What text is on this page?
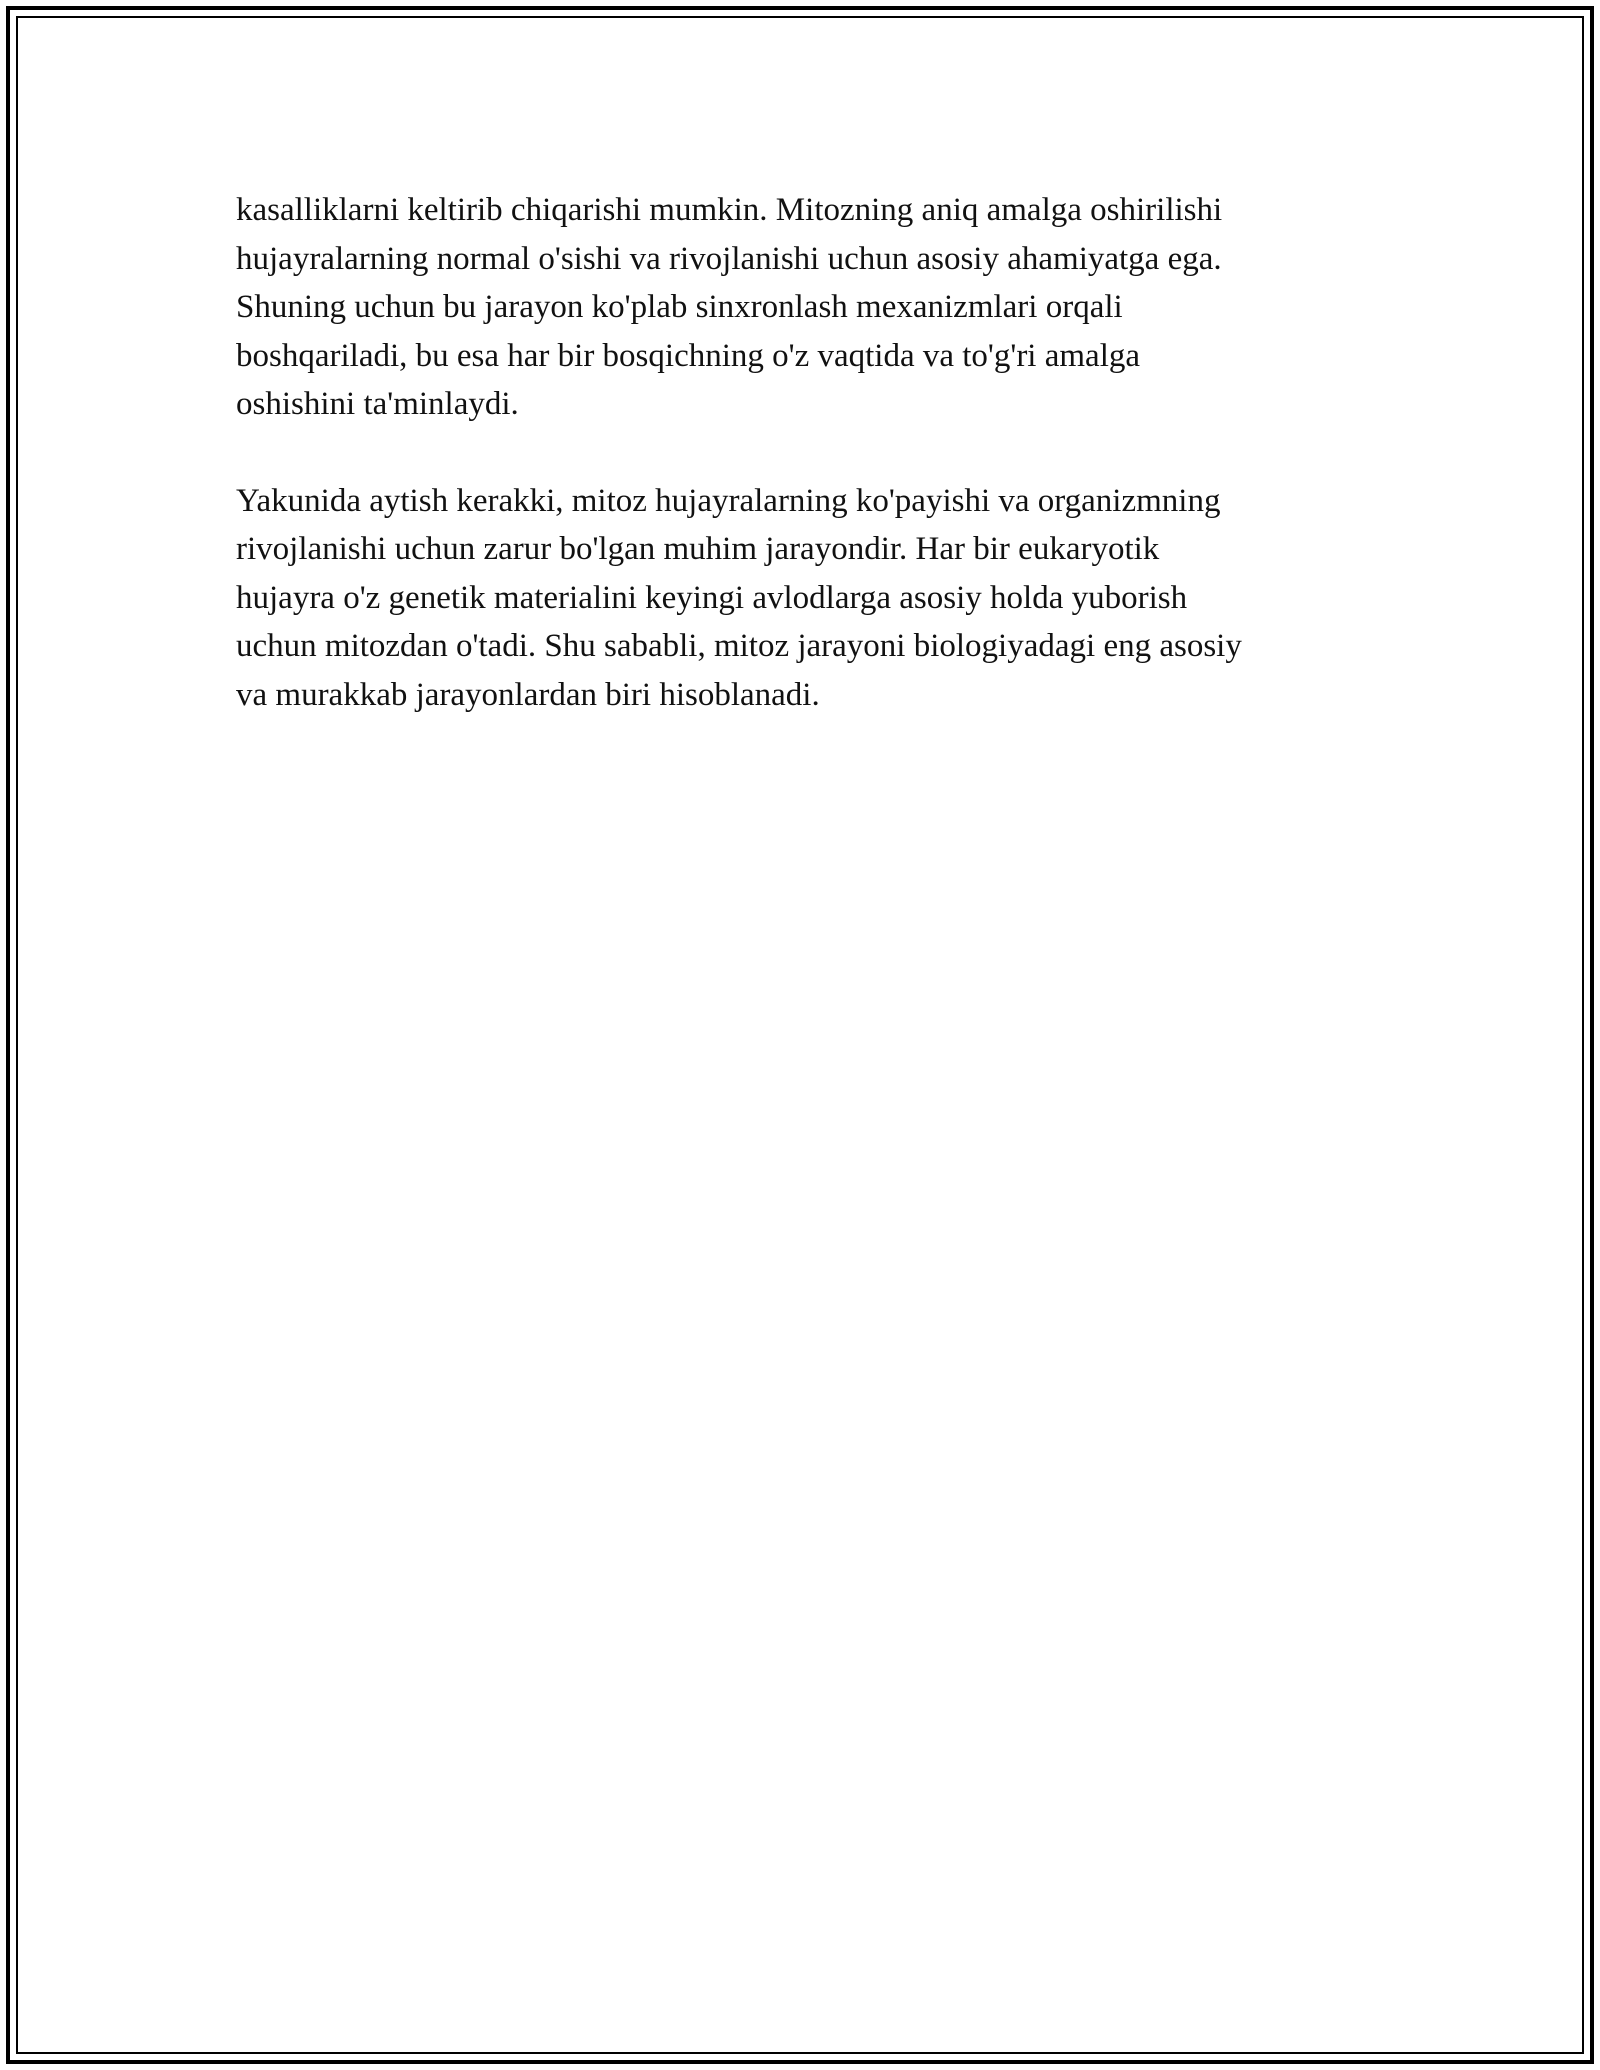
kasalliklarni keltirib chiqarishi mumkin. Mitozning aniq amalga oshirilishi
hujayralarning normal o'sishi va rivojlanishi uchun asosiy ahamiyatga ega.
Shuning uchun bu jarayon ko'plab sinxronlash mexanizmlari orqali
boshqariladi, bu esa har bir bosqichning o'z vaqtida va to'g'ri amalga
oshishini ta'minlaydi.

Yakunida aytish kerakki, mitoz hujayralarning ko'payishi va organizmning
rivojlanishi uchun zarur bo'lgan muhim jarayondir. Har bir eukaryotik
hujayra o'z genetik materialini keyingi avlodlarga asosiy holda yuborish
uchun mitozdan o'tadi. Shu sababli, mitoz jarayoni biologiyadagi eng asosiy
va murakkab jarayonlardan biri hisoblanadi.
